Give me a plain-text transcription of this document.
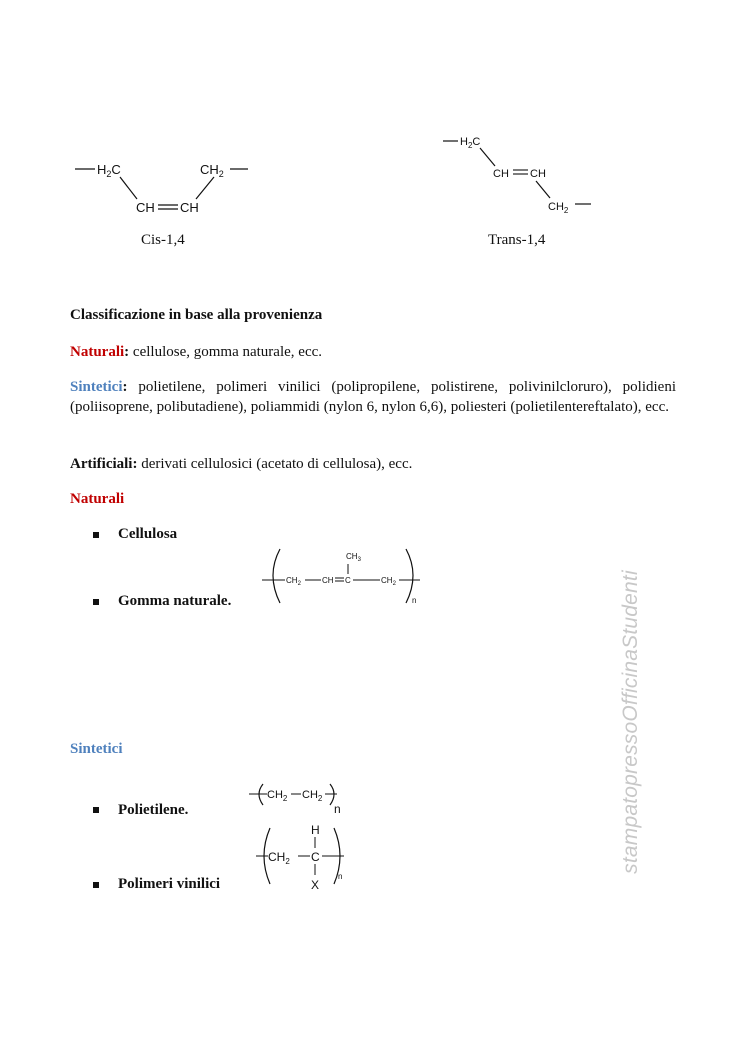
$H_2C$	$CH_2$
CH CH
Cis-1,4
$H_2C$
CH CH
$CH_2$
Trans-1,4
Classificazione in base alla provenienza
Naturali: cellulose, gomma naturale, ecc.
Sintetici: polietilene, polimeri vinilici (polipropilene, polistirene, polivinilcloruro), polidieni (poliisoprene, polibutadiene), poliammidi (nylon 6, nylon 6,6), poliesteri (polietilentereftalato), ecc.
Artificiali: derivati cellulosici (acetato di cellulosa), ecc.
Naturali
Cellulosa
Gomma naturale.
$CH_2$	CH C
$CH_3$
$CH_2$
n
Sintetici
Polietilene.
$CH_2$ $CH_2$
n
Polimeri vinilici
$CH_2$ C
H
X
n
stampatopressoOfficinaStudenti
